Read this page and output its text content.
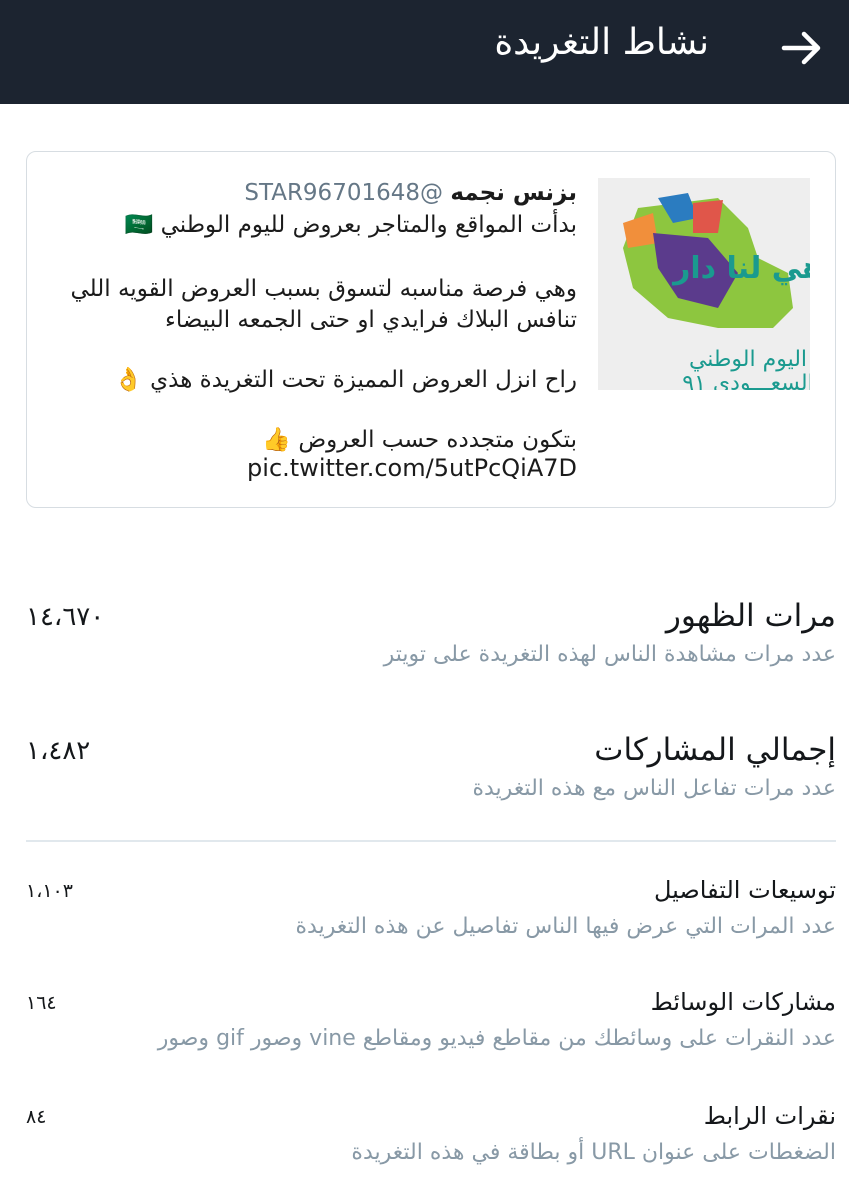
نشاط التغريدة
بزنس نجمه @STAR96701648
بدأت المواقع والمتاجر بعروض لليوم الوطني 🇸🇦
وهي فرصة مناسبه لتسوق بسبب العروض القويه اللي
تنافس البلاك فرايدي او حتى الجمعه البيضاء
راح انزل العروض المميزة تحت التغريدة هذي 👌
بتكون متجدده حسب العروض 👍
pic.twitter.com/5utPcQiA7D
هي لنا دار
اليوم الوطني
السعـــودي ٩١
مرات الظهور
عدد مرات مشاهدة الناس لهذه التغريدة على تويتر
١٤،٦٧٠
إجمالي المشاركات
عدد مرات تفاعل الناس مع هذه التغريدة
١،٤٨٢
توسيعات التفاصيل
عدد المرات التي عرض فيها الناس تفاصيل عن هذه التغريدة
١،١٠٣
مشاركات الوسائط
عدد النقرات على وسائطك من مقاطع فيديو ومقاطع vine وصور gif وصور
١٦٤
نقرات الرابط
الضغطات على عنوان URL أو بطاقة في هذه التغريدة
٨٤
